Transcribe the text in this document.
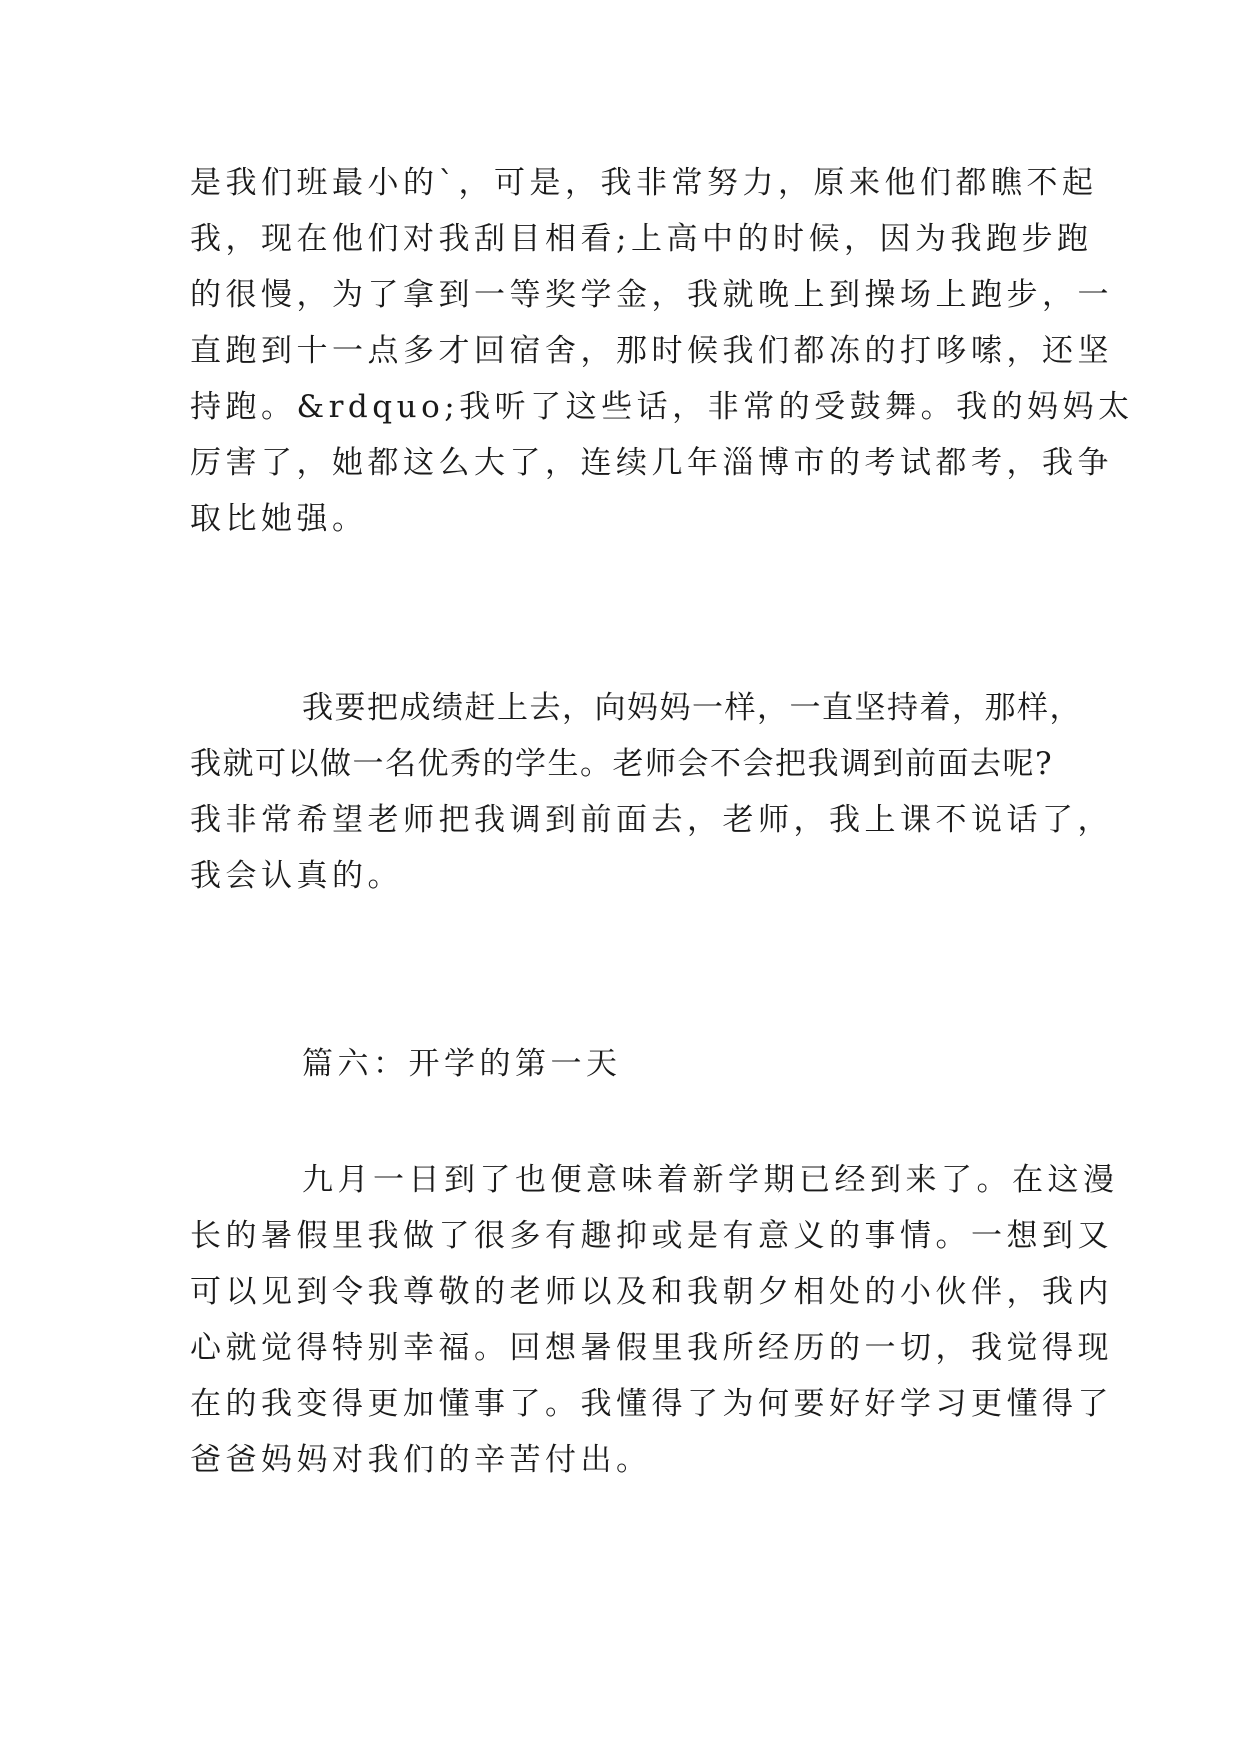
是我们班最小的`，可是，我非常努力，原来他们都瞧不起
我，现在他们对我刮目相看;上高中的时候，因为我跑步跑
的很慢，为了拿到一等奖学金，我就晚上到操场上跑步，一
直跑到十一点多才回宿舍，那时候我们都冻的打哆嗦，还坚
持跑。&rdquo;我听了这些话，非常的受鼓舞。我的妈妈太
厉害了，她都这么大了，连续几年淄博市的考试都考，我争
取比她强。
我要把成绩赶上去，向妈妈一样，一直坚持着，那样，
我就可以做一名优秀的学生。老师会不会把我调到前面去呢?
我非常希望老师把我调到前面去，老师，我上课不说话了，
我会认真的。
篇六：开学的第一天
九月一日到了也便意味着新学期已经到来了。在这漫
长的暑假里我做了很多有趣抑或是有意义的事情。一想到又
可以见到令我尊敬的老师以及和我朝夕相处的小伙伴，我内
心就觉得特别幸福。回想暑假里我所经历的一切，我觉得现
在的我变得更加懂事了。我懂得了为何要好好学习更懂得了
爸爸妈妈对我们的辛苦付出。
